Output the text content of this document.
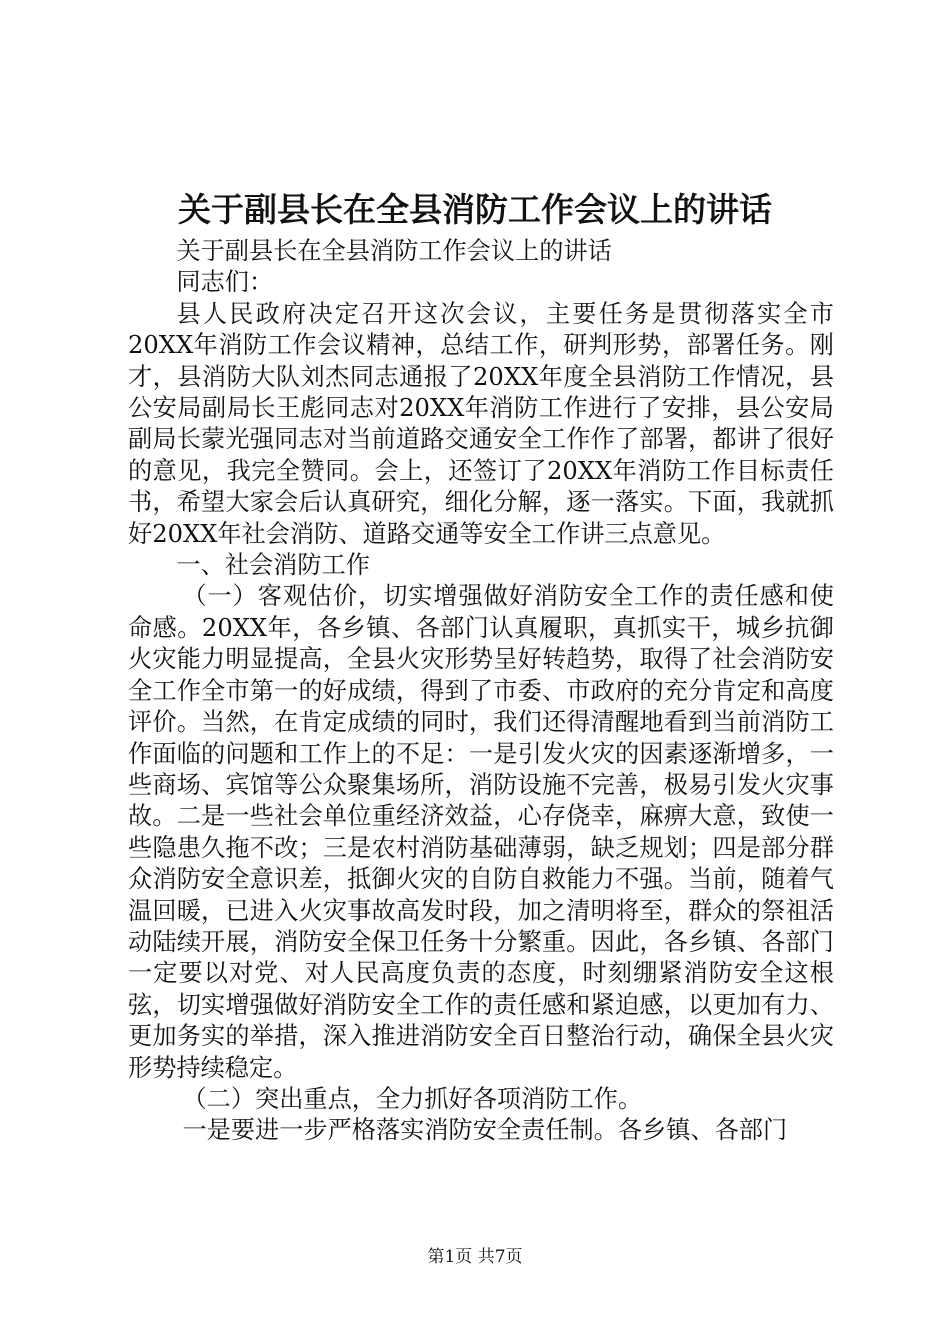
关于副县长在全县消防工作会议上的讲话

关于副县长在全县消防工作会议上的讲话

同志们：

县人民政府决定召开这次会议，主要任务是贯彻落实全市20XX年消防工作会议精神，总结工作，研判形势，部署任务。刚才，县消防大队刘杰同志通报了20XX年度全县消防工作情况，县公安局副局长王彪同志对20XX年消防工作进行了安排，县公安局副局长蒙光强同志对当前道路交通安全工作作了部署，都讲了很好的意见，我完全赞同。会上，还签订了20XX年消防工作目标责任书，希望大家会后认真研究，细化分解，逐一落实。下面，我就抓好20XX年社会消防、道路交通等安全工作讲三点意见。

一、社会消防工作

（一）客观估价，切实增强做好消防安全工作的责任感和使命感。20XX年，各乡镇、各部门认真履职，真抓实干，城乡抗御火灾能力明显提高，全县火灾形势呈好转趋势，取得了社会消防安全工作全市第一的好成绩，得到了市委、市政府的充分肯定和高度评价。当然，在肯定成绩的同时，我们还得清醒地看到当前消防工作面临的问题和工作上的不足：一是引发火灾的因素逐渐增多，一些商场、宾馆等公众聚集场所，消防设施不完善，极易引发火灾事故。二是一些社会单位重经济效益，心存侥幸，麻痹大意，致使一些隐患久拖不改；三是农村消防基础薄弱，缺乏规划；四是部分群众消防安全意识差，抵御火灾的自防自救能力不强。当前，随着气温回暖，已进入火灾事故高发时段，加之清明将至，群众的祭祖活动陆续开展，消防安全保卫任务十分繁重。因此，各乡镇、各部门一定要以对党、对人民高度负责的态度，时刻绷紧消防安全这根弦，切实增强做好消防安全工作的责任感和紧迫感，以更加有力、更加务实的举措，深入推进消防安全百日整治行动，确保全县火灾形势持续稳定。

（二）突出重点，全力抓好各项消防工作。

一是要进一步严格落实消防安全责任制。各乡镇、各部门

第1页 共7页
